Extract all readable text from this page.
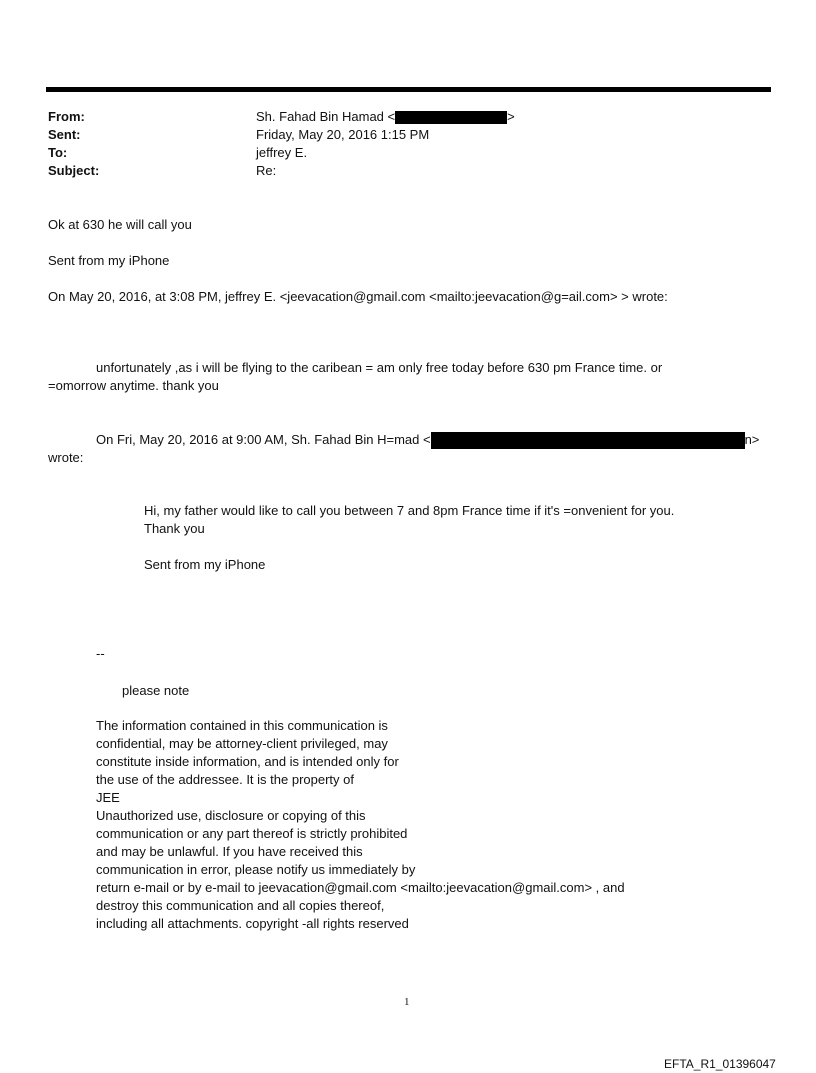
From:	Sh. Fahad Bin Hamad <	>
Sent:	Friday, May 20, 2016 1:15 PM
To:	jeffrey E.
Subject:	Re:
Ok at 630 he will call you
Sent from my iPhone
On May 20, 2016, at 3:08 PM, jeffrey E. <jeevacation@gmail.com <mailto:jeevacation@g=ail.com> > wrote:
unfortunately ,as i will be flying to the caribean = am only free today before 630 pm France time. or
=omorrow anytime. thank you
On Fri, May 20, 2016 at 9:00 AM, Sh. Fahad Bin H=mad <	n>
wrote:
Hi, my father would like to call you between 7 and 8pm France time if it's =onvenient for you.
Thank you
Sent from my iPhone
--
please note
The information contained in this communication is
confidential, may be attorney-client privileged, may
constitute inside information, and is intended only for
the use of the addressee. It is the property of
JEE
Unauthorized use, disclosure or copying of this
communication or any part thereof is strictly prohibited
and may be unlawful. If you have received this
communication in error, please notify us immediately by
return e-mail or by e-mail to jeevacation@gmail.com <mailto:jeevacation@gmail.com> , and
destroy this communication and all copies thereof,
including all attachments. copyright -all rights reserved
1
EFTA_R1_01396047
